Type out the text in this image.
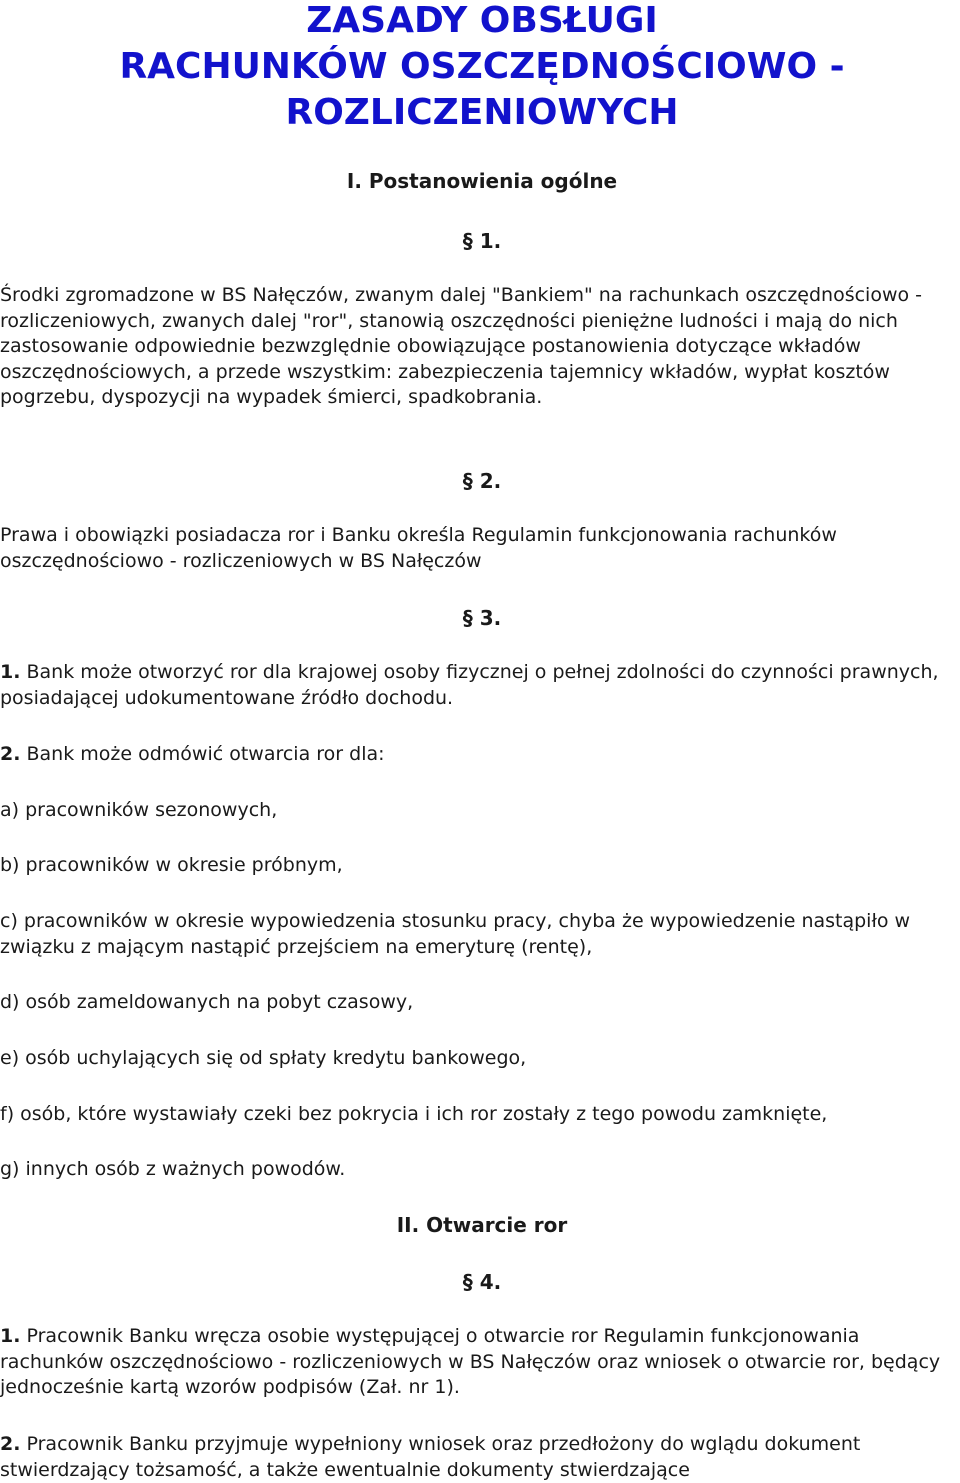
ZASADY OBSŁUGI
RACHUNKÓW OSZCZĘDNOŚCIOWO -
ROZLICZENIOWYCH
I. Postanowienia ogólne

§ 1.

Środki zgromadzone w BS Nałęczów, zwanym dalej "Bankiem" na rachunkach oszczędnościowo - rozliczeniowych, zwanych dalej "ror", stanowią oszczędności pieniężne ludności i mają do nich zastosowanie odpowiednie bezwzględnie obowiązujące postanowienia dotyczące wkładów oszczędnościowych, a przede wszystkim: zabezpieczenia tajemnicy wkładów, wypłat kosztów pogrzebu, dyspozycji na wypadek śmierci, spadkobrania.

§ 2.

Prawa i obowiązki posiadacza ror i Banku określa Regulamin funkcjonowania rachunków oszczędnościowo - rozliczeniowych w BS Nałęczów

§ 3.

1. Bank może otworzyć ror dla krajowej osoby fizycznej o pełnej zdolności do czynności prawnych, posiadającej udokumentowane źródło dochodu.

2. Bank może odmówić otwarcia ror dla:

a) pracowników sezonowych,

b) pracowników w okresie próbnym,

c) pracowników w okresie wypowiedzenia stosunku pracy, chyba że wypowiedzenie nastąpiło w związku z mającym nastąpić przejściem na emeryturę (rentę),

d) osób zameldowanych na pobyt czasowy,

e) osób uchylających się od spłaty kredytu bankowego,

f) osób, które wystawiały czeki bez pokrycia i ich ror zostały z tego powodu zamknięte,

g) innych osób z ważnych powodów.

II. Otwarcie ror

§ 4.

1. Pracownik Banku wręcza osobie występującej o otwarcie ror Regulamin funkcjonowania rachunków oszczędnościowo - rozliczeniowych w BS Nałęczów oraz wniosek o otwarcie ror, będący jednocześnie kartą wzorów podpisów (Zał. nr 1).

2. Pracownik Banku przyjmuje wypełniony wniosek oraz przedłożony do wglądu dokument stwierdzający tożsamość, a także ewentualnie dokumenty stwierdzające
